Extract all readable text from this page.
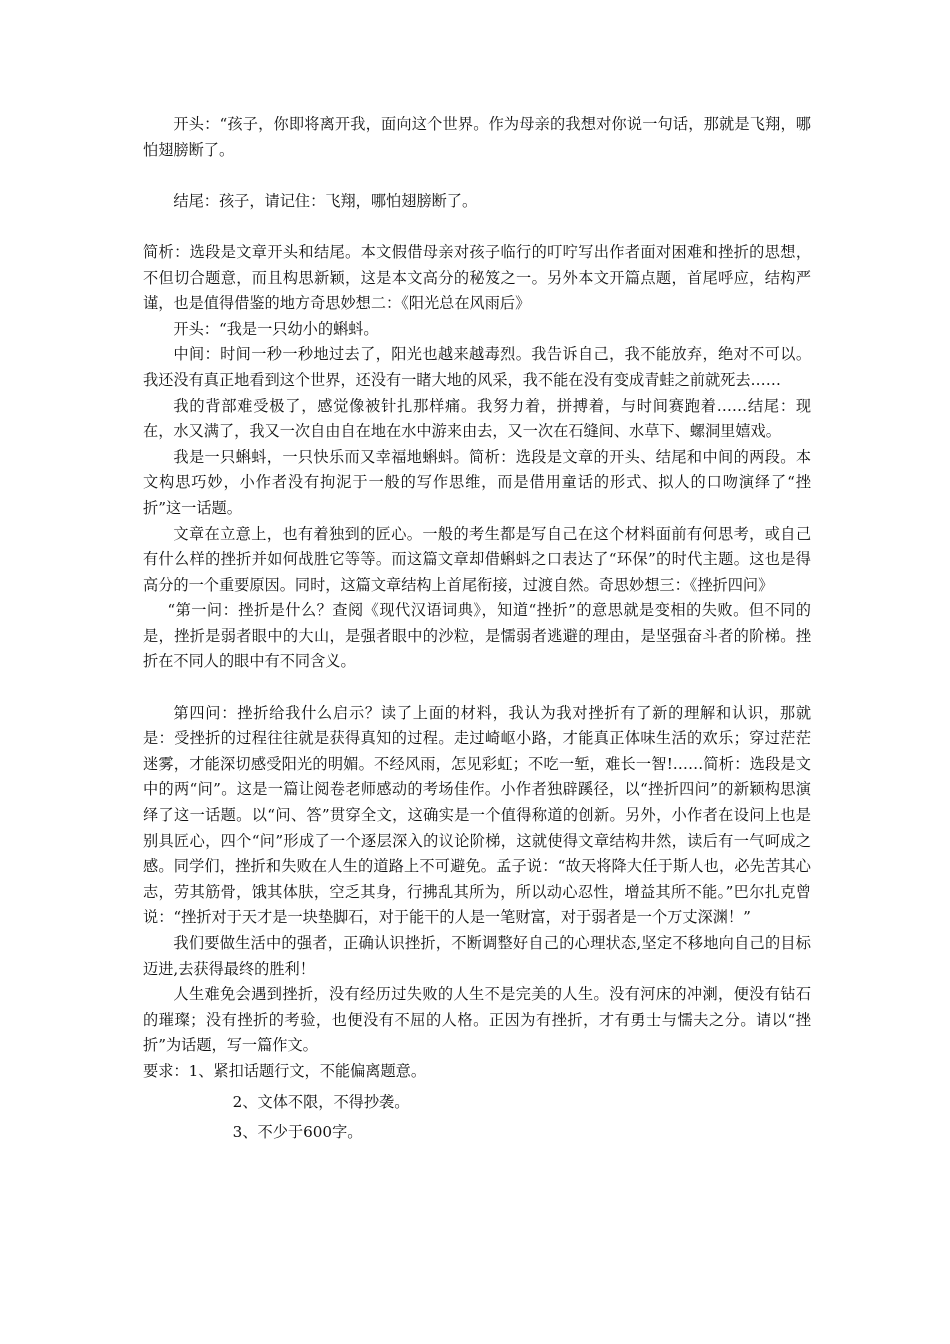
开头：“孩子，你即将离开我，面向这个世界。作为母亲的我想对你说一句话，那就是飞翔，哪怕翅膀断了。

结尾：孩子，请记住：飞翔，哪怕翅膀断了。

简析：选段是文章开头和结尾。本文假借母亲对孩子临行的叮咛写出作者面对困难和挫折的思想，不但切合题意，而且构思新颖，这是本文高分的秘笈之一。另外本文开篇点题，首尾呼应，结构严谨，也是值得借鉴的地方奇思妙想二：《阳光总在风雨后》

开头：“我是一只幼小的蝌蚪。

中间：时间一秒一秒地过去了，阳光也越来越毒烈。我告诉自己，我不能放弃，绝对不可以。我还没有真正地看到这个世界，还没有一睹大地的风采，我不能在没有变成青蛙之前就死去……

我的背部难受极了，感觉像被针扎那样痛。我努力着，拼搏着，与时间赛跑着……结尾：现在，水又满了，我又一次自由自在地在水中游来由去，又一次在石缝间、水草下、螺洞里嬉戏。

我是一只蝌蚪，一只快乐而又幸福地蝌蚪。简析：选段是文章的开头、结尾和中间的两段。本文构思巧妙，小作者没有拘泥于一般的写作思维，而是借用童话的形式、拟人的口吻演绎了“挫折”这一话题。

文章在立意上，也有着独到的匠心。一般的考生都是写自己在这个材料面前有何思考，或自己有什么样的挫折并如何战胜它等等。而这篇文章却借蝌蚪之口表达了“环保”的时代主题。这也是得高分的一个重要原因。同时，这篇文章结构上首尾衔接，过渡自然。奇思妙想三：《挫折四问》

“第一问：挫折是什么？查阅《现代汉语词典》，知道“挫折”的意思就是变相的失败。但不同的是，挫折是弱者眼中的大山，是强者眼中的沙粒，是懦弱者逃避的理由，是坚强奋斗者的阶梯。挫折在不同人的眼中有不同含义。

第四问：挫折给我什么启示？读了上面的材料，我认为我对挫折有了新的理解和认识，那就是：受挫折的过程往往就是获得真知的过程。走过崎岖小路，才能真正体味生活的欢乐；穿过茫茫迷雾，才能深切感受阳光的明媚。不经风雨，怎见彩虹；不吃一堑，难长一智!……简析：选段是文中的两“问”。这是一篇让阅卷老师感动的考场佳作。小作者独辟蹊径，以“挫折四问”的新颖构思演绎了这一话题。以“问、答”贯穿全文，这确实是一个值得称道的创新。另外，小作者在设问上也是别具匠心，四个“问”形成了一个逐层深入的议论阶梯，这就使得文章结构井然，读后有一气呵成之感。同学们，挫折和失败在人生的道路上不可避免。孟子说：“故天将降大任于斯人也，必先苦其心志，劳其筋骨，饿其体肤，空乏其身，行拂乱其所为，所以动心忍性，增益其所不能。”巴尔扎克曾说：“挫折对于天才是一块垫脚石，对于能干的人是一笔财富，对于弱者是一个万丈深渊！”

我们要做生活中的强者，正确认识挫折，不断调整好自己的心理状态,坚定不移地向自己的目标迈进,去获得最终的胜利！

人生难免会遇到挫折，没有经历过失败的人生不是完美的人生。没有河床的冲溂，便没有钻石的璀璨；没有挫折的考验，也便没有不屈的人格。正因为有挫折，才有勇士与懦夫之分。请以“挫折”为话题，写一篇作文。

要求：1、紧扣话题行文，不能偏离题意。

2、文体不限，不得抄袭。

3、不少于600字。
